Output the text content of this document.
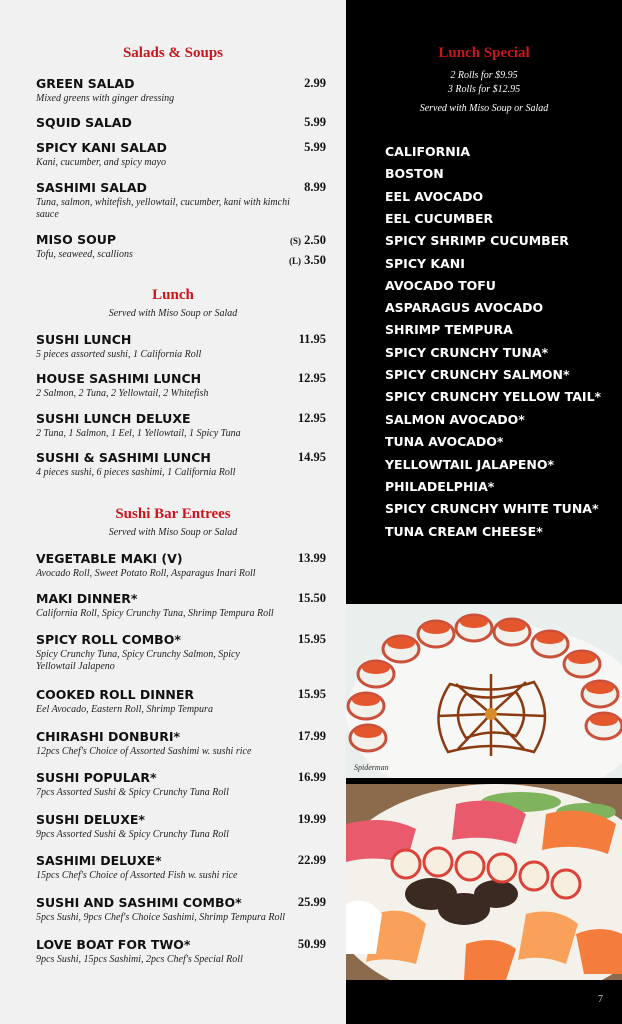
Salads & Soups
GREEN SALAD	2.99
Mixed greens with ginger dressing
SQUID SALAD	5.99
SPICY KANI SALAD	5.99
Kani, cucumber, and spicy mayo
SASHIMI SALAD	8.99
Tuna, salmon, whitefish, yellowtail, cucumber, kani with kimchi sauce
MISO SOUP
Tofu, seaweed, scallions
(S) 2.50
(L) 3.50
Lunch
Served with Miso Soup or Salad
SUSHI LUNCH	11.95
5 pieces assorted sushi, 1 California Roll
HOUSE SASHIMI LUNCH	12.95
2 Salmon, 2 Tuna, 2 Yellowtail, 2 Whitefish
SUSHI LUNCH DELUXE	12.95
2 Tuna, 1 Salmon, 1 Eel, 1 Yellowtail, 1 Spicy Tuna
SUSHI & SASHIMI LUNCH	14.95
4 pieces sushi, 6 pieces sashimi, 1 California Roll
Sushi Bar Entrees
Served with Miso Soup or Salad
VEGETABLE MAKI (V)	13.99
Avocado Roll, Sweet Potato Roll, Asparagus Inari Roll
MAKI DINNER*	15.50
California Roll, Spicy Crunchy Tuna, Shrimp Tempura Roll
SPICY ROLL COMBO*	15.95
Spicy Crunchy Tuna, Spicy Crunchy Salmon, Spicy Yellowtail Jalapeno
COOKED ROLL DINNER	15.95
Eel Avocado, Eastern Roll, Shrimp Tempura
CHIRASHI DONBURI*	17.99
12pcs Chef's Choice of Assorted Sashimi w. sushi rice
SUSHI POPULAR*	16.99
7pcs Assorted Sushi & Spicy Crunchy Tuna Roll
SUSHI DELUXE*	19.99
9pcs Assorted Sushi & Spicy Crunchy Tuna Roll
SASHIMI DELUXE*	22.99
15pcs Chef's Choice of Assorted Fish w. sushi rice
SUSHI AND SASHIMI COMBO*	25.99
5pcs Sushi, 9pcs Chef's Choice Sashimi, Shrimp Tempura Roll
LOVE BOAT FOR TWO*	50.99
9pcs Sushi, 15pcs Sashimi, 2pcs Chef's Special Roll
Lunch Special
2 Rolls for $9.95
3 Rolls for $12.95
Served with Miso Soup or Salad
CALIFORNIA
BOSTON
EEL AVOCADO
EEL CUCUMBER
SPICY SHRIMP CUCUMBER
SPICY KANI
AVOCADO TOFU
ASPARAGUS AVOCADO
SHRIMP TEMPURA
SPICY CRUNCHY TUNA*
SPICY CRUNCHY SALMON*
SPICY CRUNCHY YELLOW TAIL*
SALMON AVOCADO*
TUNA AVOCADO*
YELLOWTAIL JALAPENO*
PHILADELPHIA*
SPICY CRUNCHY WHITE TUNA*
TUNA CREAM CHEESE*
Spiderman
7
